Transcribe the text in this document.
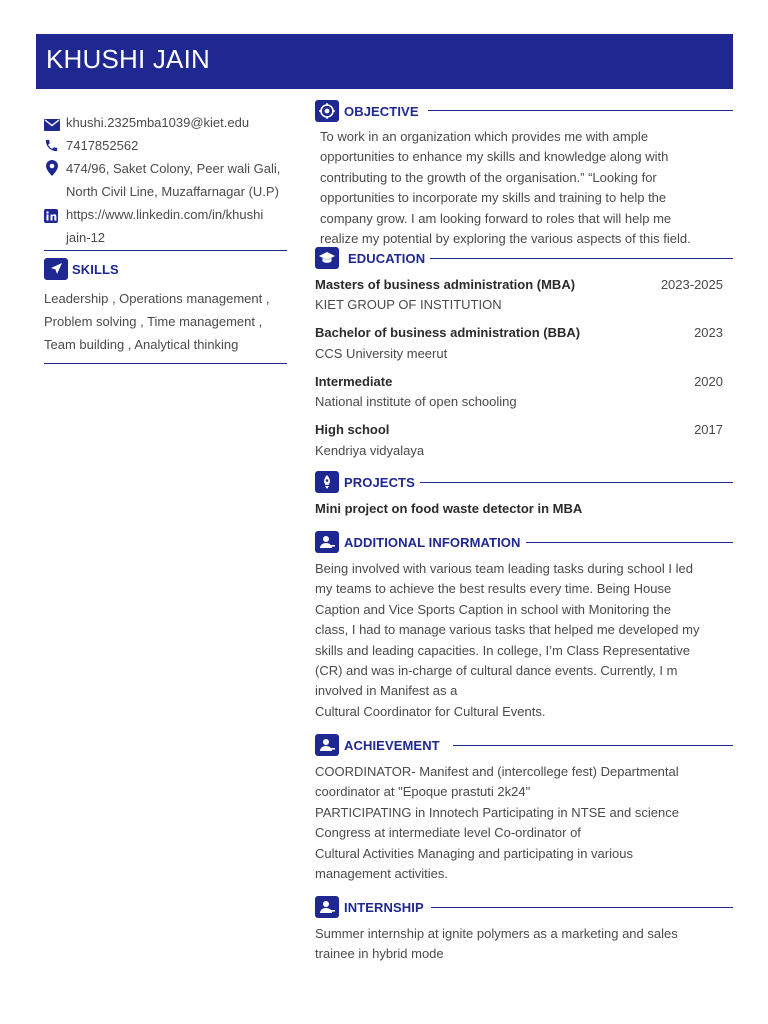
KHUSHI JAIN
khushi.2325mba1039@kiet.edu
7417852562
474/96, Saket Colony, Peer wali Gali,
North Civil Line, Muzaffarnagar (U.P)
https://www.linkedin.com/in/khushi
jain-12
SKILLS
Leadership , Operations management ,
Problem solving , Time management ,
Team building , Analytical thinking
OBJECTIVE
To work in an organization which provides me with ample
opportunities to enhance my skills and knowledge along with
contributing to the growth of the organisation.” “Looking for
opportunities to incorporate my skills and training to help the
company grow. I am looking forward to roles that will help me
realize my potential by exploring the various aspects of this field.
EDUCATION
Masters of business administration (MBA)	2023-2025
KIET GROUP OF INSTITUTION
Bachelor of business administration (BBA)	2023
CCS University meerut
Intermediate	2020
National institute of open schooling
High school	2017
Kendriya vidyalaya
PROJECTS
Mini project on food waste detector in MBA
ADDITIONAL INFORMATION
Being involved with various team leading tasks during school I led
my teams to achieve the best results every time. Being House
Caption and Vice Sports Caption in school with Monitoring the
class, I had to manage various tasks that helped me developed my
skills and leading capacities. In college, I’m Class Representative
(CR) and was in-charge of cultural dance events. Currently, I m
involved in Manifest as a
Cultural Coordinator for Cultural Events.
ACHIEVEMENT
COORDINATOR- Manifest and (intercollege fest) Departmental
coordinator at "Epoque prastuti 2k24"
PARTICIPATING in Innotech Participating in NTSE and science
Congress at intermediate level Co-ordinator of
Cultural Activities Managing and participating in various
management activities.
INTERNSHIP
Summer internship at ignite polymers as a marketing and sales
trainee in hybrid mode
